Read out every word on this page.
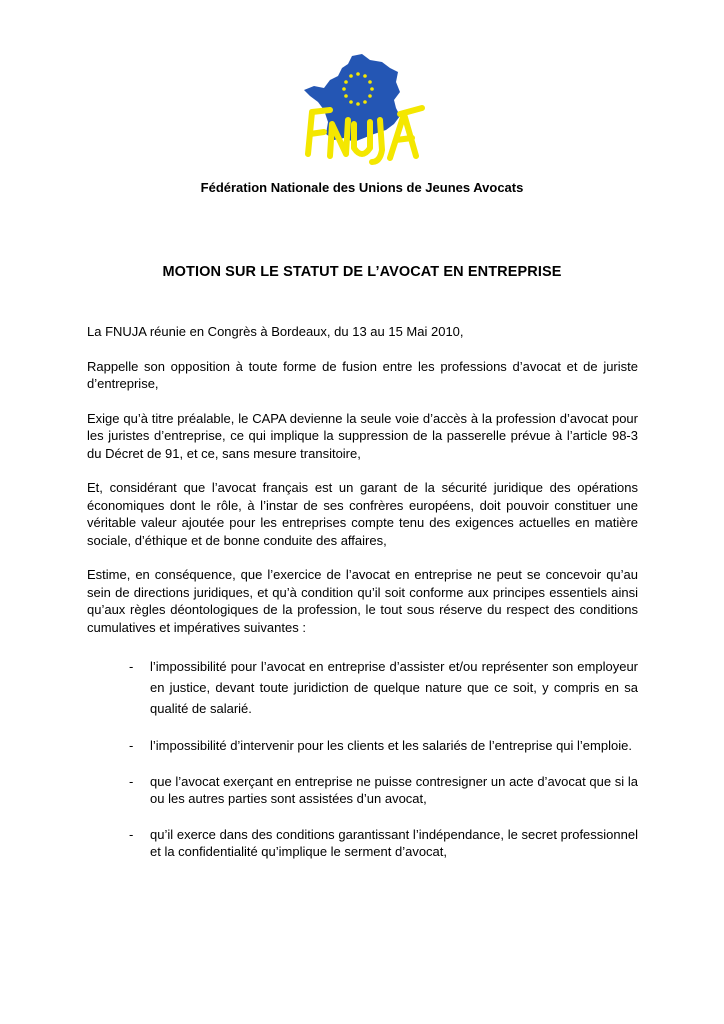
Fédération Nationale des Unions de Jeunes Avocats
MOTION SUR LE STATUT DE L’AVOCAT EN ENTREPRISE

La FNUJA réunie en Congrès à Bordeaux, du 13 au 15 Mai 2010,

Rappelle son opposition à toute forme de fusion entre les professions d’avocat et de juriste d’entreprise,

Exige qu’à titre préalable, le CAPA devienne la seule voie d’accès à la profession d’avocat pour les juristes d’entreprise, ce qui implique la suppression de la passerelle prévue à l’article 98-3 du Décret de 91, et ce, sans mesure transitoire,

Et, considérant que l’avocat français est un garant de la sécurité juridique des opérations économiques dont le rôle, à l’instar de ses confrères européens, doit pouvoir constituer une véritable valeur ajoutée pour les entreprises compte tenu des exigences actuelles en matière sociale, d’éthique et de bonne conduite des affaires,

Estime, en conséquence, que l’exercice de l’avocat en entreprise ne peut se concevoir qu’au sein de directions juridiques, et qu’à condition qu’il soit conforme aux principes essentiels ainsi qu’aux règles déontologiques de la profession, le tout sous réserve du respect des conditions cumulatives et impératives suivantes :

- l’impossibilité pour l’avocat en entreprise d’assister et/ou représenter son employeur en justice, devant toute juridiction de quelque nature que ce soit, y compris en sa qualité de salarié.
- l’impossibilité d’intervenir pour les clients et les salariés de l’entreprise qui l’emploie.
- que l’avocat exerçant en entreprise ne puisse contresigner un acte d’avocat que si la ou les autres parties sont assistées d’un avocat,
- qu’il exerce dans des conditions garantissant l’indépendance, le secret professionnel et la confidentialité qu’implique le serment d’avocat,
